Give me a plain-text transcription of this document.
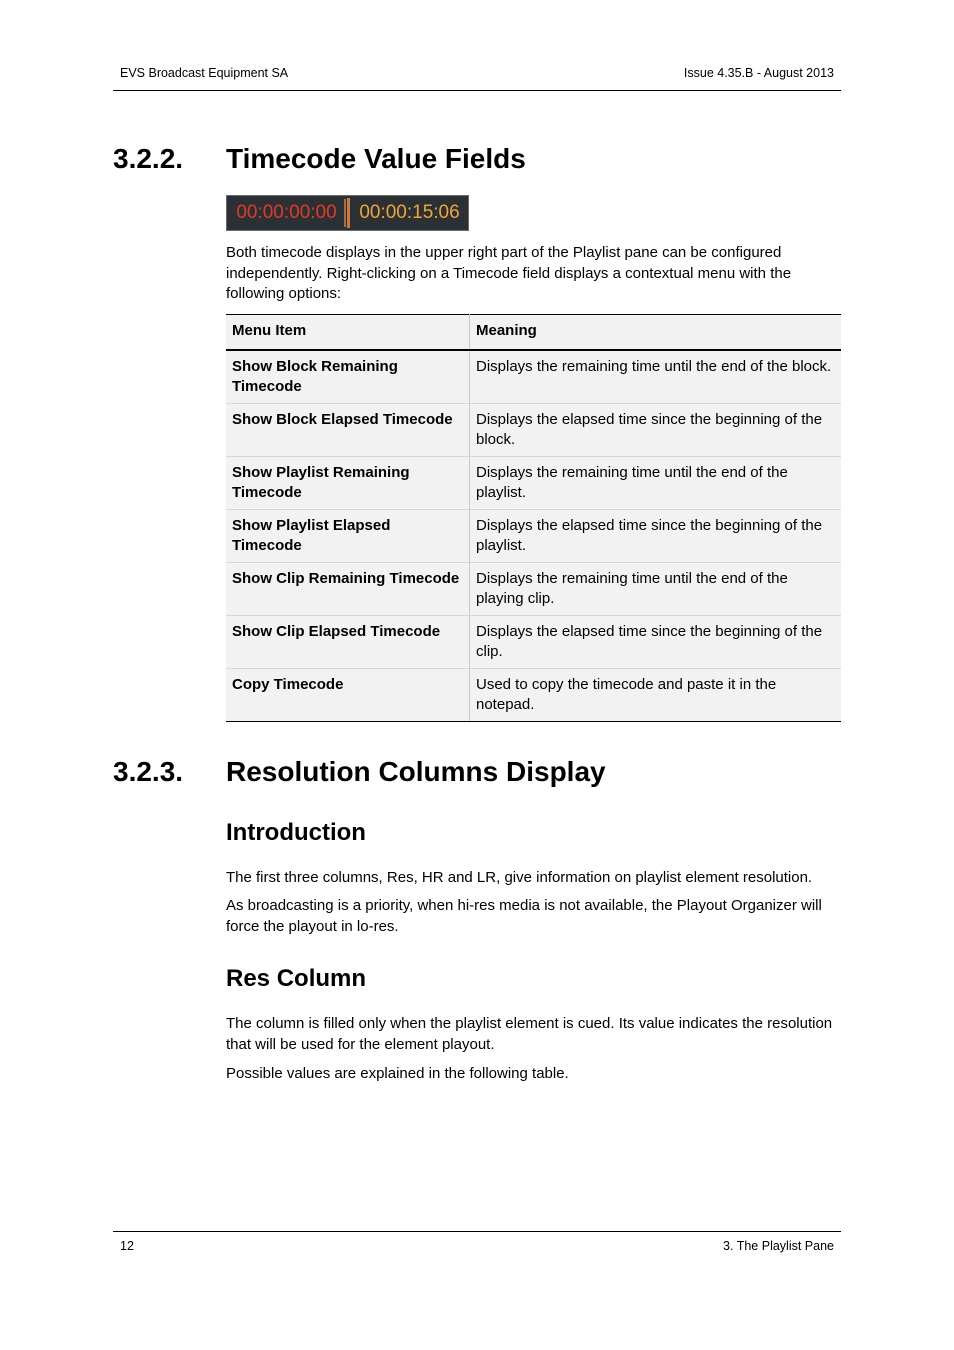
EVS Broadcast Equipment SA	Issue 4.35.B - August 2013
3.2.2. Timecode Value Fields
00:00:00:00	00:00:15:06

Both timecode displays in the upper right part of the Playlist pane can be configured independently. Right-clicking on a Timecode field displays a contextual menu with the following options:

Menu Item	Meaning
Show Block Remaining Timecode	Displays the remaining time until the end of the block.
Show Block Elapsed Timecode	Displays the elapsed time since the beginning of the block.
Show Playlist Remaining Timecode	Displays the remaining time until the end of the playlist.
Show Playlist Elapsed Timecode	Displays the elapsed time since the beginning of the playlist.
Show Clip Remaining Timecode	Displays the remaining time until the end of the playing clip.
Show Clip Elapsed Timecode	Displays the elapsed time since the beginning of the clip.
Copy Timecode	Used to copy the timecode and paste it in the notepad.
3.2.3. Resolution Columns Display
Introduction

The first three columns, Res, HR and LR, give information on playlist element resolution.

As broadcasting is a priority, when hi-res media is not available, the Playout Organizer will force the playout in lo-res.

Res Column

The column is filled only when the playlist element is cued. Its value indicates the resolution that will be used for the element playout.

Possible values are explained in the following table.

12	3. The Playlist Pane
